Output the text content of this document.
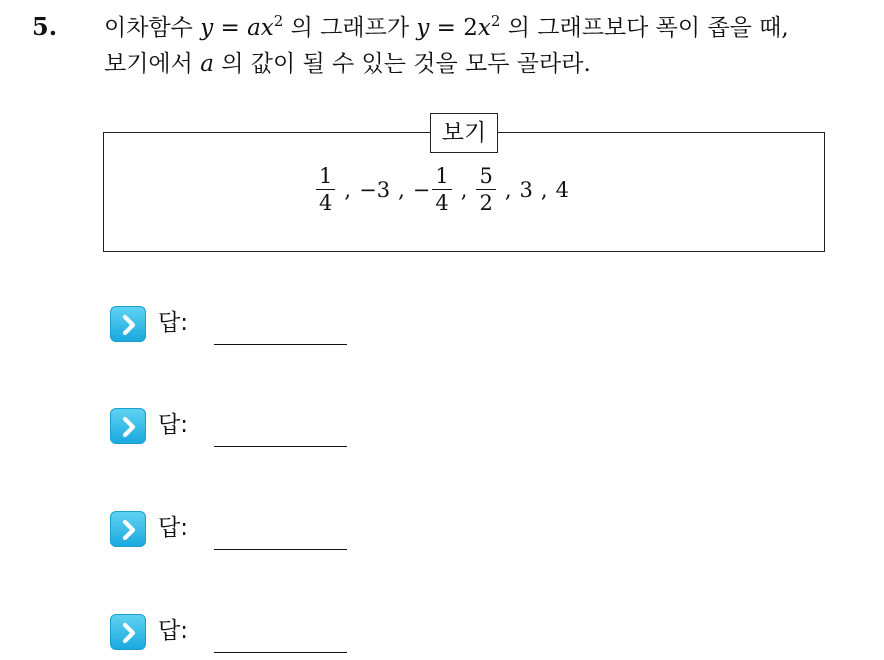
5. 이차함수 $y = ax^2$ 의 그래프가 $y = 2x^2$ 의 그래프보다 폭이 좁을 때,
보기에서 a 의 값이 될 수 있는 것을 모두 골라라.
보기
$\frac{1}{4}$ , −3 , − $\frac{1}{4}$ , $\frac{5}{2}$ , 3 , 4
답:
답:
답:
답:
